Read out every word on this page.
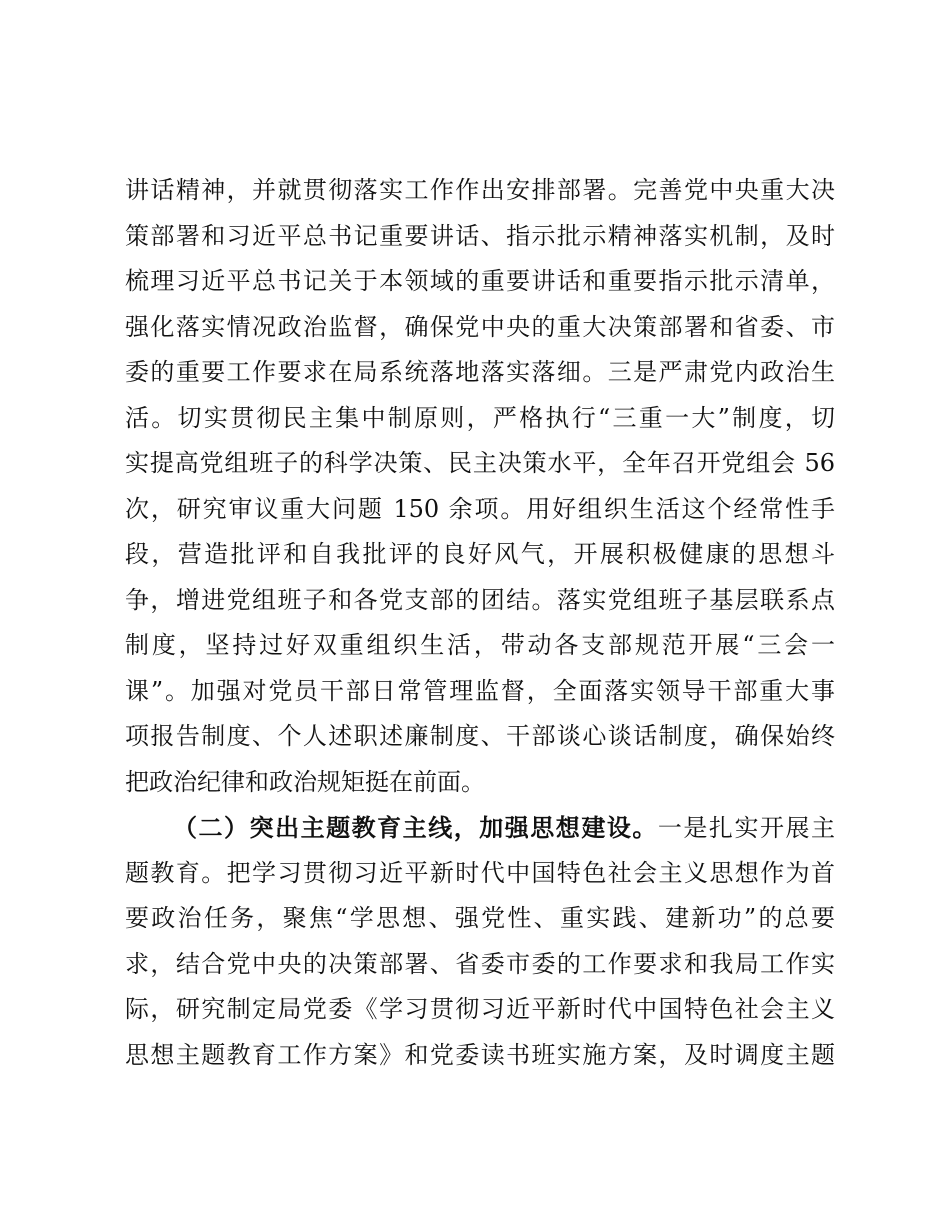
讲话精神，并就贯彻落实工作作出安排部署。完善党中央重大决
策部署和习近平总书记重要讲话、指示批示精神落实机制，及时
梳理习近平总书记关于本领域的重要讲话和重要指示批示清单，
强化落实情况政治监督，确保党中央的重大决策部署和省委、市
委的重要工作要求在局系统落地落实落细。三是严肃党内政治生
活。切实贯彻民主集中制原则，严格执行“三重一大”制度，切
实提高党组班子的科学决策、民主决策水平，全年召开党组会 56
次，研究审议重大问题 150 余项。用好组织生活这个经常性手
段，营造批评和自我批评的良好风气，开展积极健康的思想斗
争，增进党组班子和各党支部的团结。落实党组班子基层联系点
制度，坚持过好双重组织生活，带动各支部规范开展“三会一
课”。加强对党员干部日常管理监督，全面落实领导干部重大事
项报告制度、个人述职述廉制度、干部谈心谈话制度，确保始终
把政治纪律和政治规矩挺在前面。
（二）突出主题教育主线，加强思想建设。一是扎实开展主
题教育。把学习贯彻习近平新时代中国特色社会主义思想作为首
要政治任务，聚焦“学思想、强党性、重实践、建新功”的总要
求，结合党中央的决策部署、省委市委的工作要求和我局工作实
际，研究制定局党委《学习贯彻习近平新时代中国特色社会主义
思想主题教育工作方案》和党委读书班实施方案，及时调度主题
